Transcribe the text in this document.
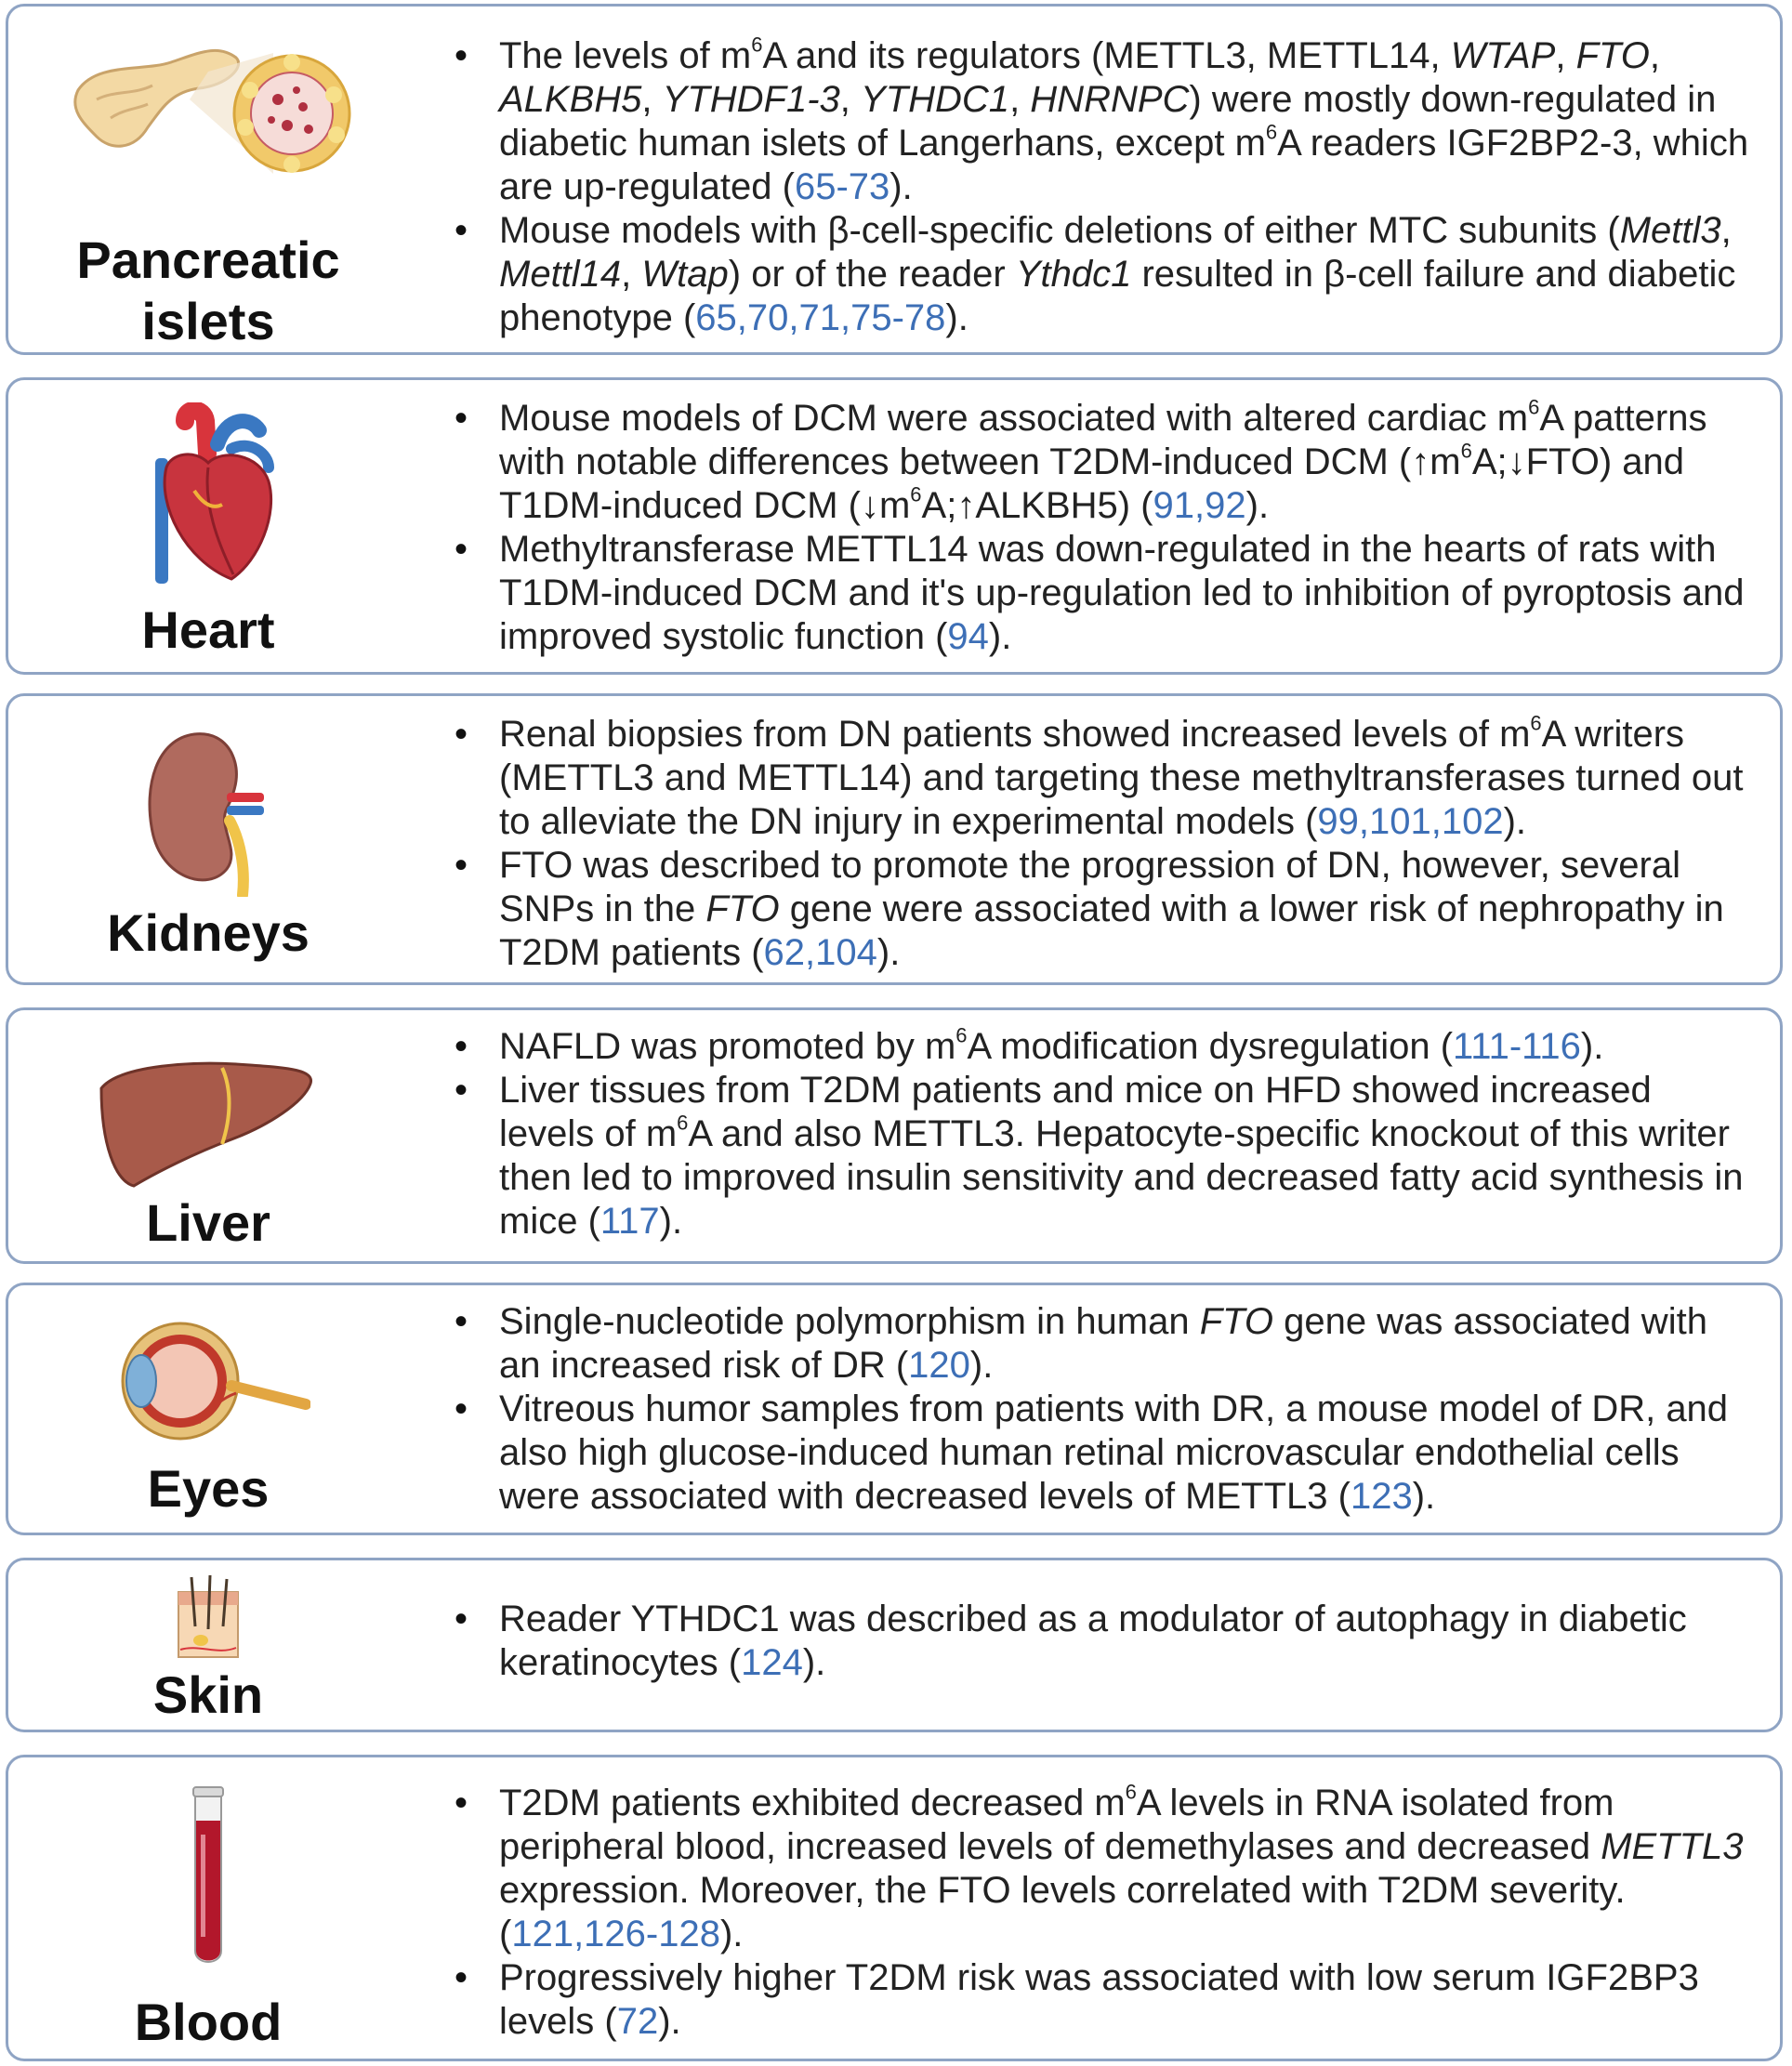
Pancreatic
islets
• The levels of $m^6A$ and its regulators (METTL3, METTL14, WTAP, FTO, ALKBH5, YTHDF1-3, YTHDC1, HNRNPC) were mostly down-regulated in diabetic human islets of Langerhans, except $m^6A$ readers IGF2BP2-3, which are up-regulated (65-73).
• Mouse models with β-cell-specific deletions of either MTC subunits (Mettl3, Mettl14, Wtap) or of the reader Ythdc1 resulted in β-cell failure and diabetic phenotype (65,70,71,75-78).
Heart
• Mouse models of DCM were associated with altered cardiac $m^6A$ patterns with notable differences between T2DM-induced DCM $(↑m^6A;↓FTO)$ and T1DM-induced DCM $(↓m^6A;↑ALKBH5)$ (91,92).
• Methyltransferase METTL14 was down-regulated in the hearts of rats with T1DM-induced DCM and it's up-regulation led to inhibition of pyroptosis and improved systolic function (94).
Kidneys
• Renal biopsies from DN patients showed increased levels of $m^6A$ writers (METTL3 and METTL14) and targeting these methyltransferases turned out to alleviate the DN injury in experimental models (99,101,102).
• FTO was described to promote the progression of DN, however, several SNPs in the FTO gene were associated with a lower risk of nephropathy in T2DM patients (62,104).
Liver
• NAFLD was promoted by $m^6A$ modification dysregulation (111-116).
• Liver tissues from T2DM patients and mice on HFD showed increased levels of $m^6A$ and also METTL3. Hepatocyte-specific knockout of this writer then led to improved insulin sensitivity and decreased fatty acid synthesis in mice (117).
Eyes
• Single-nucleotide polymorphism in human FTO gene was associated with an increased risk of DR (120).
• Vitreous humor samples from patients with DR, a mouse model of DR, and also high glucose-induced human retinal microvascular endothelial cells were associated with decreased levels of METTL3 (123).
Skin
• Reader YTHDC1 was described as a modulator of autophagy in diabetic keratinocytes (124).
Blood
• T2DM patients exhibited decreased $m^6A$ levels in RNA isolated from peripheral blood, increased levels of demethylases and decreased METTL3 expression. Moreover, the FTO levels correlated with T2DM severity. (121,126-128).
• Progressively higher T2DM risk was associated with low serum IGF2BP3 levels (72).
